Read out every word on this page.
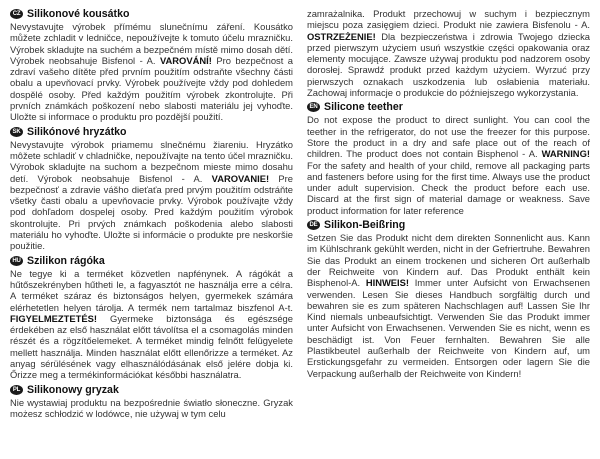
CZ Silikonové kousátko

Nevystavujte výrobek přímému slunečnímu záření. Kousátko můžete zchladit v ledničce, nepoužívejte k tomuto účelu mrazničku. Výrobek skladujte na suchém a bezpečném místě mimo dosah dětí. Výrobek neobsahuje Bisfenol - A. VAROVÁNÍ! Pro bezpečnost a zdraví vašeho dítěte před prvním použitím odstraňte všechny části obalu a upevňovací prvky. Výrobek používejte vždy pod dohledem dospělé osoby. Před každým použitím výrobek zkontrolujte. Při prvních známkách poškození nebo slabosti materiálu jej vyhoďte. Uložte si informace o produktu pro pozdější použití.

SK Silikónové hryzátko

Nevystavujte výrobok priamemu slnečnému žiareniu. Hryzátko môžete schladiť v chladničke, nepoužívajte na tento účel mrazničku. Výrobok skladujte na suchom a bezpečnom mieste mimo dosahu detí. Výrobok neobsahuje Bisfenol - A. VAROVANIE! Pre bezpečnosť a zdravie vášho dieťaťa pred prvým použitím odstráňte všetky časti obalu a upevňovacie prvky. Výrobok používajte vždy pod dohľadom dospelej osoby. Pred každým použitím výrobok skontrolujte. Pri prvých známkach poškodenia alebo slabosti materiálu ho vyhoďte. Uložte si informácie o produkte pre neskoršie použitie.

HU Szilikon rágóka

Ne tegye ki a terméket közvetlen napfénynek. A rágókát a hűtőszekrényben hűtheti le, a fagyasztót ne használja erre a célra. A terméket száraz és biztonságos helyen, gyermekek számára elérhetetlen helyen tárolja. A termék nem tartalmaz biszfenol A-t. FIGYELMEZTETÉS! Gyermeke biztonsága és egészsége érdekében az első használat előtt távolítsa el a csomagolás minden részét és a rögzítőelemeket. A terméket mindig felnőtt felügyelete mellett használja. Minden használat előtt ellenőrizze a terméket. Az anyag sérülésének vagy elhasználódásának első jelére dobja ki. Őrizze meg a termékinformációkat későbbi használatra.

PL Silikonowy gryzak

Nie wystawiaj produktu na bezpośrednie światło słoneczne. Gryzak możesz schłodzić w lodówce, nie używaj w tym celu

zamrażalnika. Produkt przechowuj w suchym i bezpiecznym miejscu poza zasięgiem dzieci. Produkt nie zawiera Bisfenolu - A. OSTRZEŻENIE! Dla bezpieczeństwa i zdrowia Twojego dziecka przed pierwszym użyciem usuń wszystkie części opakowania oraz elementy mocujące. Zawsze używaj produktu pod nadzorem osoby dorosłej. Sprawdź produkt przed każdym użyciem. Wyrzuć przy pierwszych oznakach uszkodzenia lub osłabienia materiału. Zachowaj informacje o produkcie do późniejszego wykorzystania.

EN Silicone teether

Do not expose the product to direct sunlight. You can cool the teether in the refrigerator, do not use the freezer for this purpose. Store the product in a dry and safe place out of the reach of children. The product does not contain Bisphenol - A. WARNING! For the safety and health of your child, remove all packaging parts and fasteners before using for the first time. Always use the product under adult supervision. Check the product before each use. Discard at the first sign of material damage or weakness. Save product information for later reference

DE Silikon-Beißring

Setzen Sie das Produkt nicht dem direkten Sonnenlicht aus. Kann im Kühlschrank gekühlt werden, nicht in der Gefriertruhe. Bewahren Sie das Produkt an einem trockenen und sicheren Ort außerhalb der Reichweite von Kindern auf. Das Produkt enthält kein Bisphenol-A. HINWEIS! Immer unter Aufsicht von Erwachsenen verwenden. Lesen Sie dieses Handbuch sorgfältig durch und bewahren sie es zum späteren Nachschlagen auf! Lassen Sie Ihr Kind niemals unbeaufsichtigt. Verwenden Sie das Produkt immer unter Aufsicht von Erwachsenen. Verwenden Sie es nicht, wenn es beschädigt ist. Von Feuer fernhalten. Bewahren Sie alle Plastikbeutel außerhalb der Reichweite von Kindern auf, um Erstickungsgefahr zu vermeiden. Entsorgen oder lagern Sie die Verpackung außerhalb der Reichweite von Kindern!
